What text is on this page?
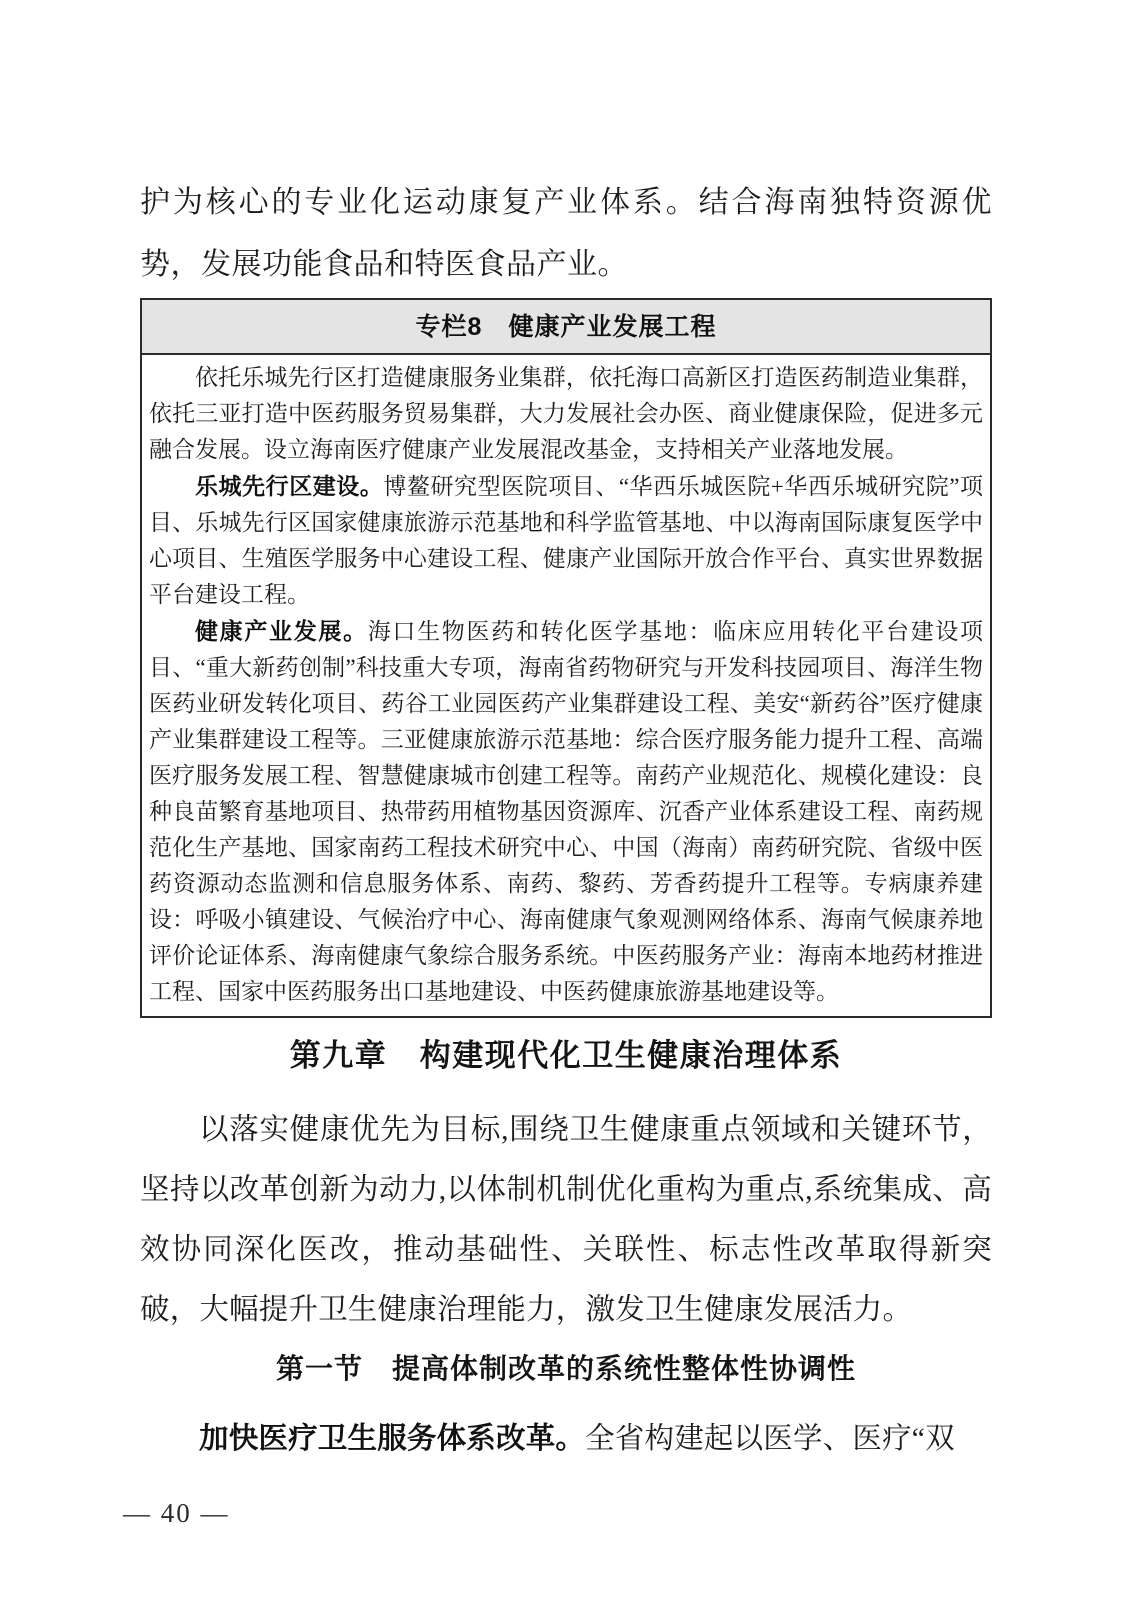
护为核心的专业化运动康复产业体系。结合海南独特资源优势，发展功能食品和特医食品产业。

专栏8　健康产业发展工程

依托乐城先行区打造健康服务业集群，依托海口高新区打造医药制造业集群，依托三亚打造中医药服务贸易集群，大力发展社会办医、商业健康保险，促进多元融合发展。设立海南医疗健康产业发展混改基金，支持相关产业落地发展。

乐城先行区建设。博鳌研究型医院项目、“华西乐城医院+华西乐城研究院”项目、乐城先行区国家健康旅游示范基地和科学监管基地、中以海南国际康复医学中心项目、生殖医学服务中心建设工程、健康产业国际开放合作平台、真实世界数据平台建设工程。

健康产业发展。海口生物医药和转化医学基地：临床应用转化平台建设项目、“重大新药创制”科技重大专项，海南省药物研究与开发科技园项目、海洋生物医药业研发转化项目、药谷工业园医药产业集群建设工程、美安“新药谷”医疗健康产业集群建设工程等。三亚健康旅游示范基地：综合医疗服务能力提升工程、高端医疗服务发展工程、智慧健康城市创建工程等。南药产业规范化、规模化建设：良种良苗繁育基地项目、热带药用植物基因资源库、沉香产业体系建设工程、南药规范化生产基地、国家南药工程技术研究中心、中国（海南）南药研究院、省级中医药资源动态监测和信息服务体系、南药、黎药、芳香药提升工程等。专病康养建设：呼吸小镇建设、气候治疗中心、海南健康气象观测网络体系、海南气候康养地评价论证体系、海南健康气象综合服务系统。中医药服务产业：海南本地药材推进工程、国家中医药服务出口基地建设、中医药健康旅游基地建设等。

第九章　构建现代化卫生健康治理体系

以落实健康优先为目标,围绕卫生健康重点领域和关键环节，坚持以改革创新为动力,以体制机制优化重构为重点,系统集成、高效协同深化医改，推动基础性、关联性、标志性改革取得新突破，大幅提升卫生健康治理能力，激发卫生健康发展活力。

第一节　提高体制改革的系统性整体性协调性

加快医疗卫生服务体系改革。全省构建起以医学、医疗“双

— 40 —
